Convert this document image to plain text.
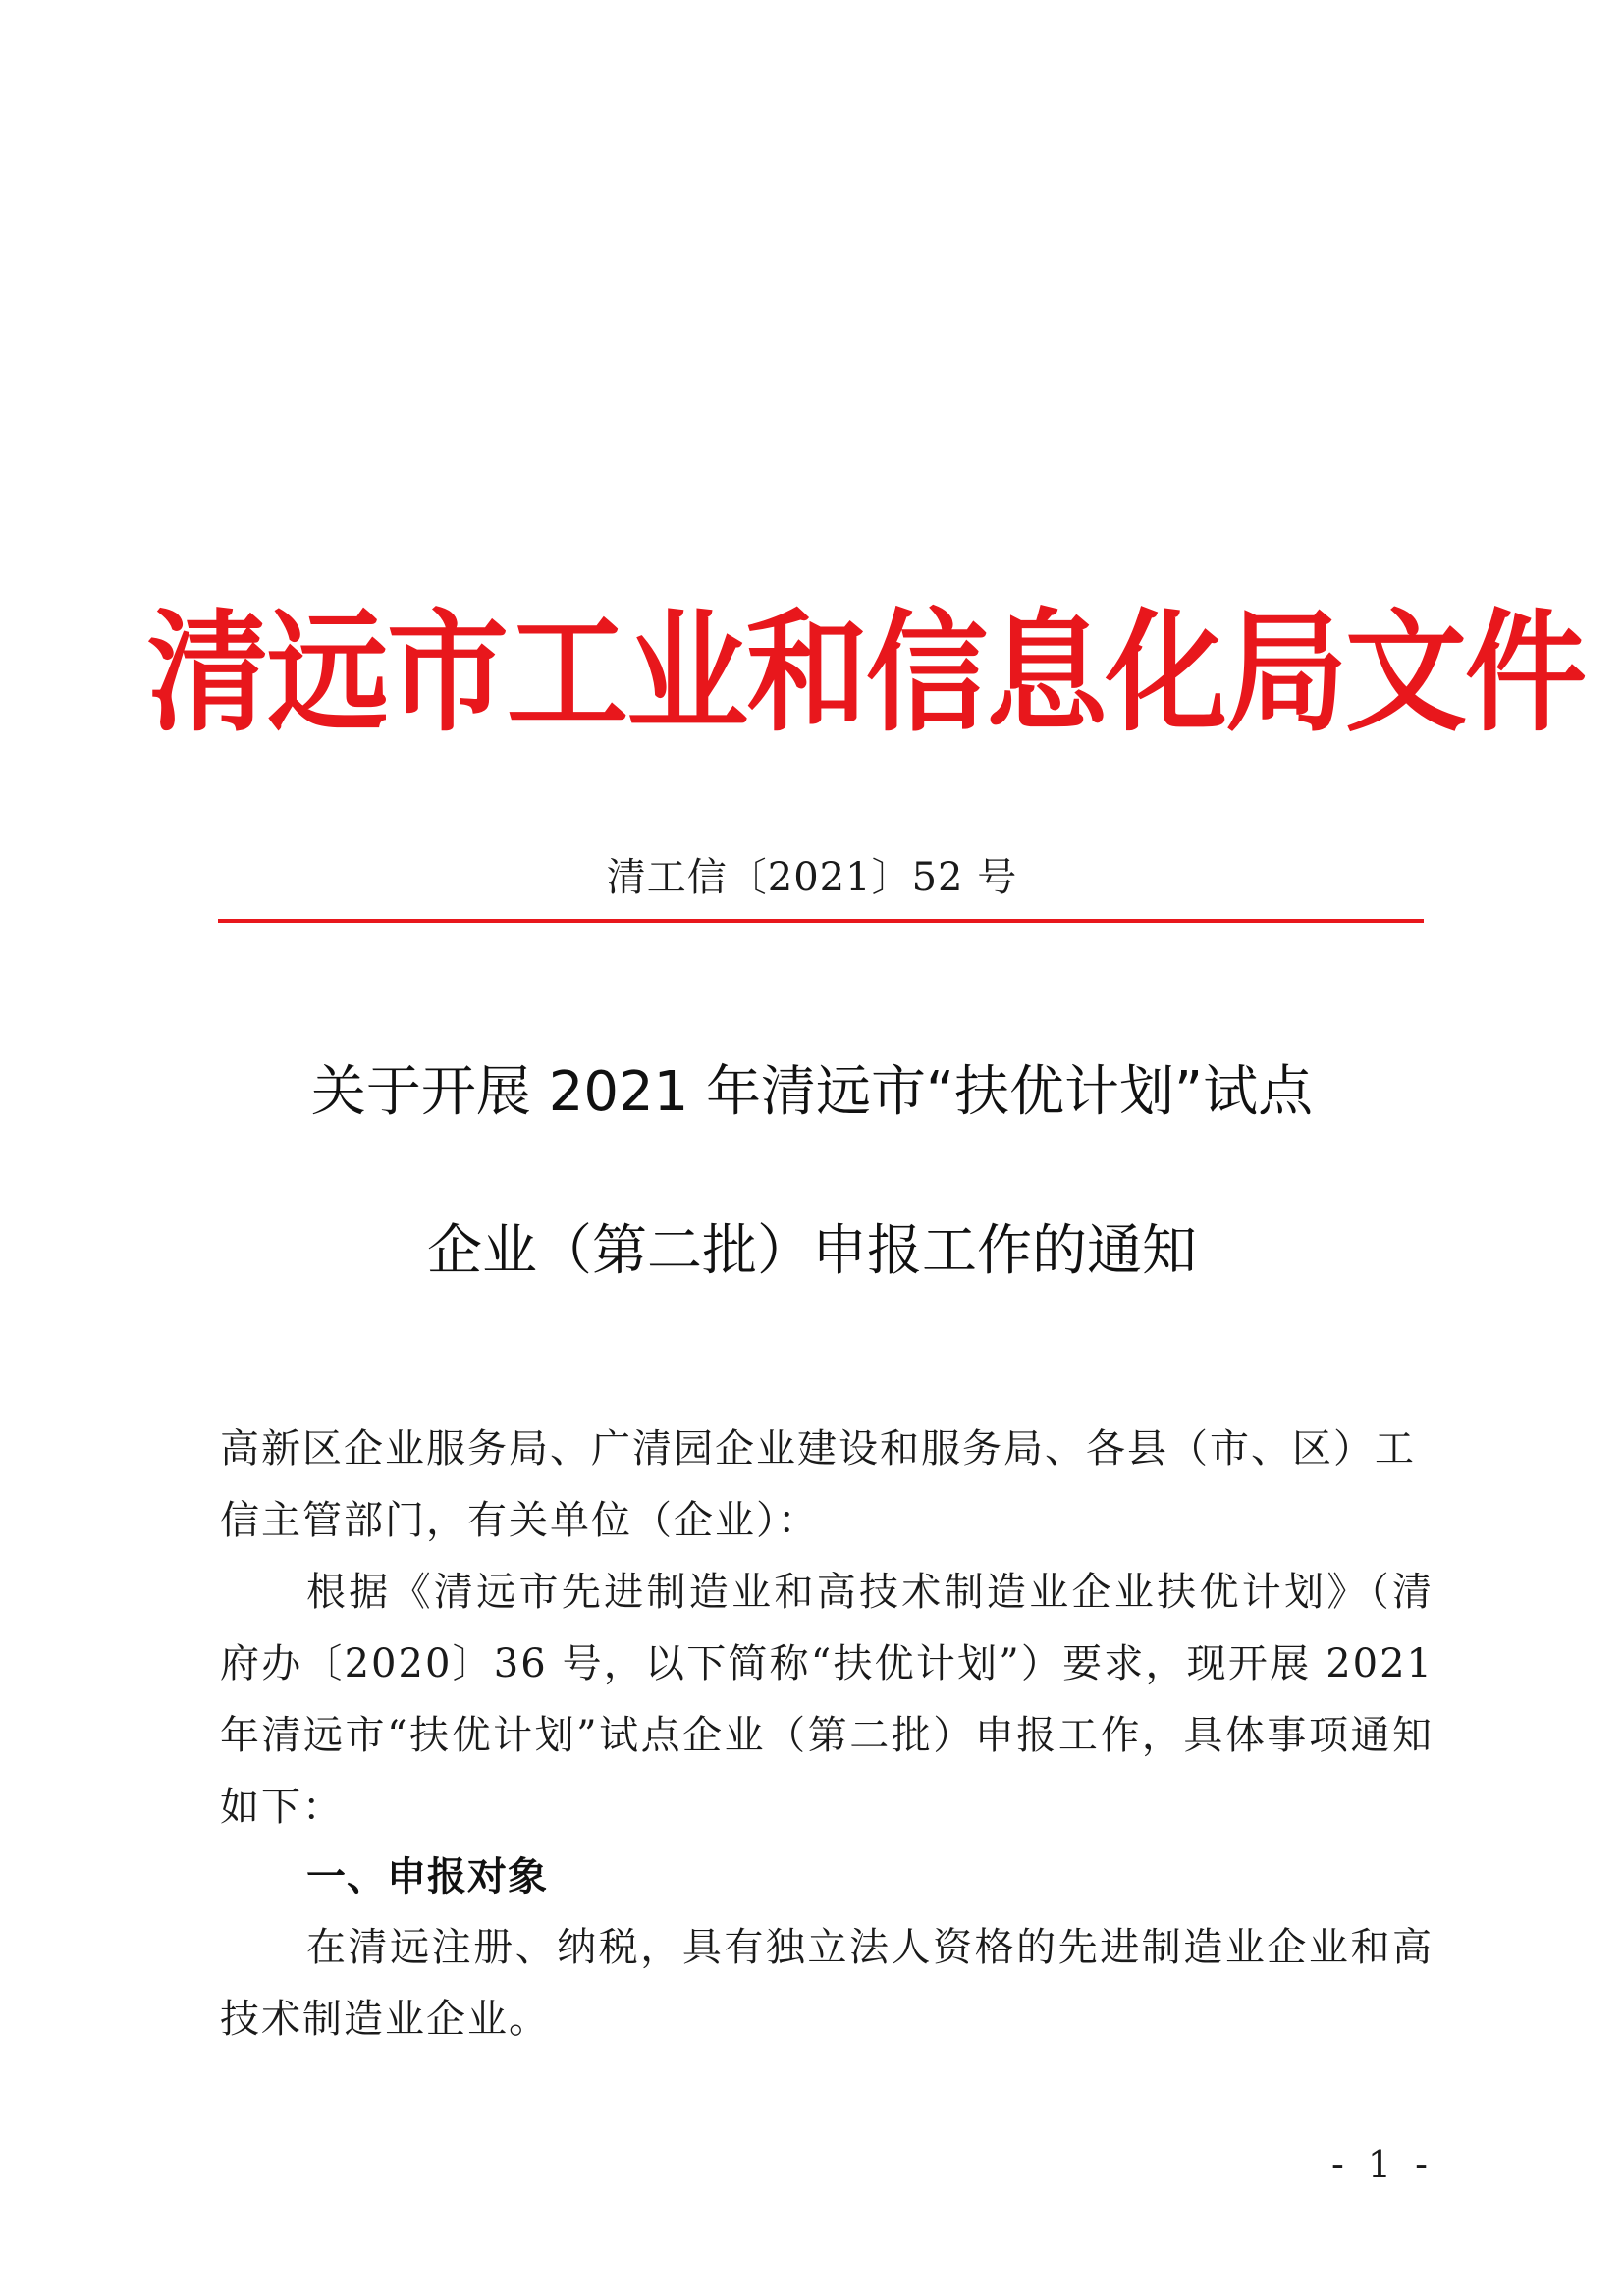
清远市工业和信息化局文件
清工信〔2021〕52 号
关于开展 2021 年清远市“扶优计划”试点
企业（第二批）申报工作的通知
高新区企业服务局、广清园企业建设和服务局、各县（市、区）工信主管部门，有关单位（企业）：
根据《清远市先进制造业和高技术制造业企业扶优计划》（清府办〔2020〕36 号，以下简称“扶优计划”）要求，现开展 2021 年清远市“扶优计划”试点企业（第二批）申报工作，具体事项通知如下：
一、申报对象
在清远注册、纳税，具有独立法人资格的先进制造业企业和高技术制造业企业。
- 1 -
